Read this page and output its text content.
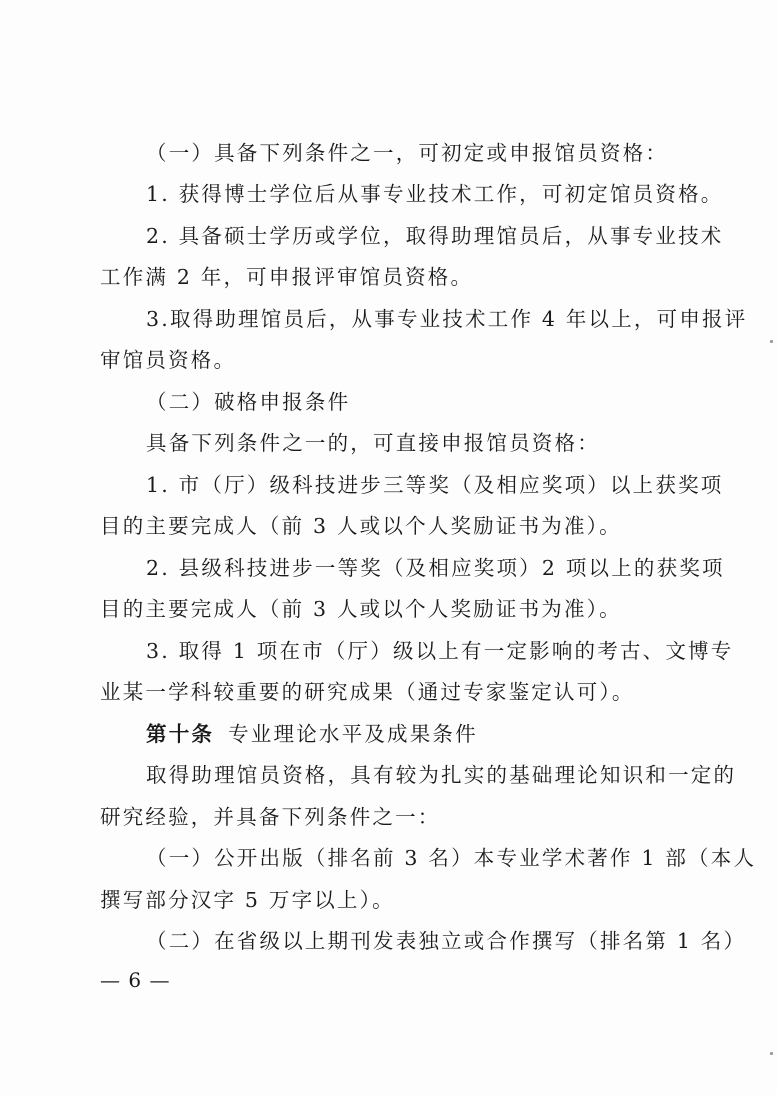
（一）具备下列条件之一，可初定或申报馆员资格：
1. 获得博士学位后从事专业技术工作，可初定馆员资格。
2. 具备硕士学历或学位，取得助理馆员后，从事专业技术
工作满 2 年，可申报评审馆员资格。
3.取得助理馆员后，从事专业技术工作 4 年以上，可申报评
审馆员资格。
（二）破格申报条件
具备下列条件之一的，可直接申报馆员资格：
1. 市（厅）级科技进步三等奖（及相应奖项）以上获奖项
目的主要完成人（前 3 人或以个人奖励证书为准）。
2. 县级科技进步一等奖（及相应奖项）2 项以上的获奖项
目的主要完成人（前 3 人或以个人奖励证书为准）。
3. 取得 1 项在市（厅）级以上有一定影响的考古、文博专
业某一学科较重要的研究成果（通过专家鉴定认可）。
第十条 专业理论水平及成果条件
取得助理馆员资格，具有较为扎实的基础理论知识和一定的
研究经验，并具备下列条件之一：
（一）公开出版（排名前 3 名）本专业学术著作 1 部（本人
撰写部分汉字 5 万字以上）。
（二）在省级以上期刊发表独立或合作撰写（排名第 1 名）
— 6 —
